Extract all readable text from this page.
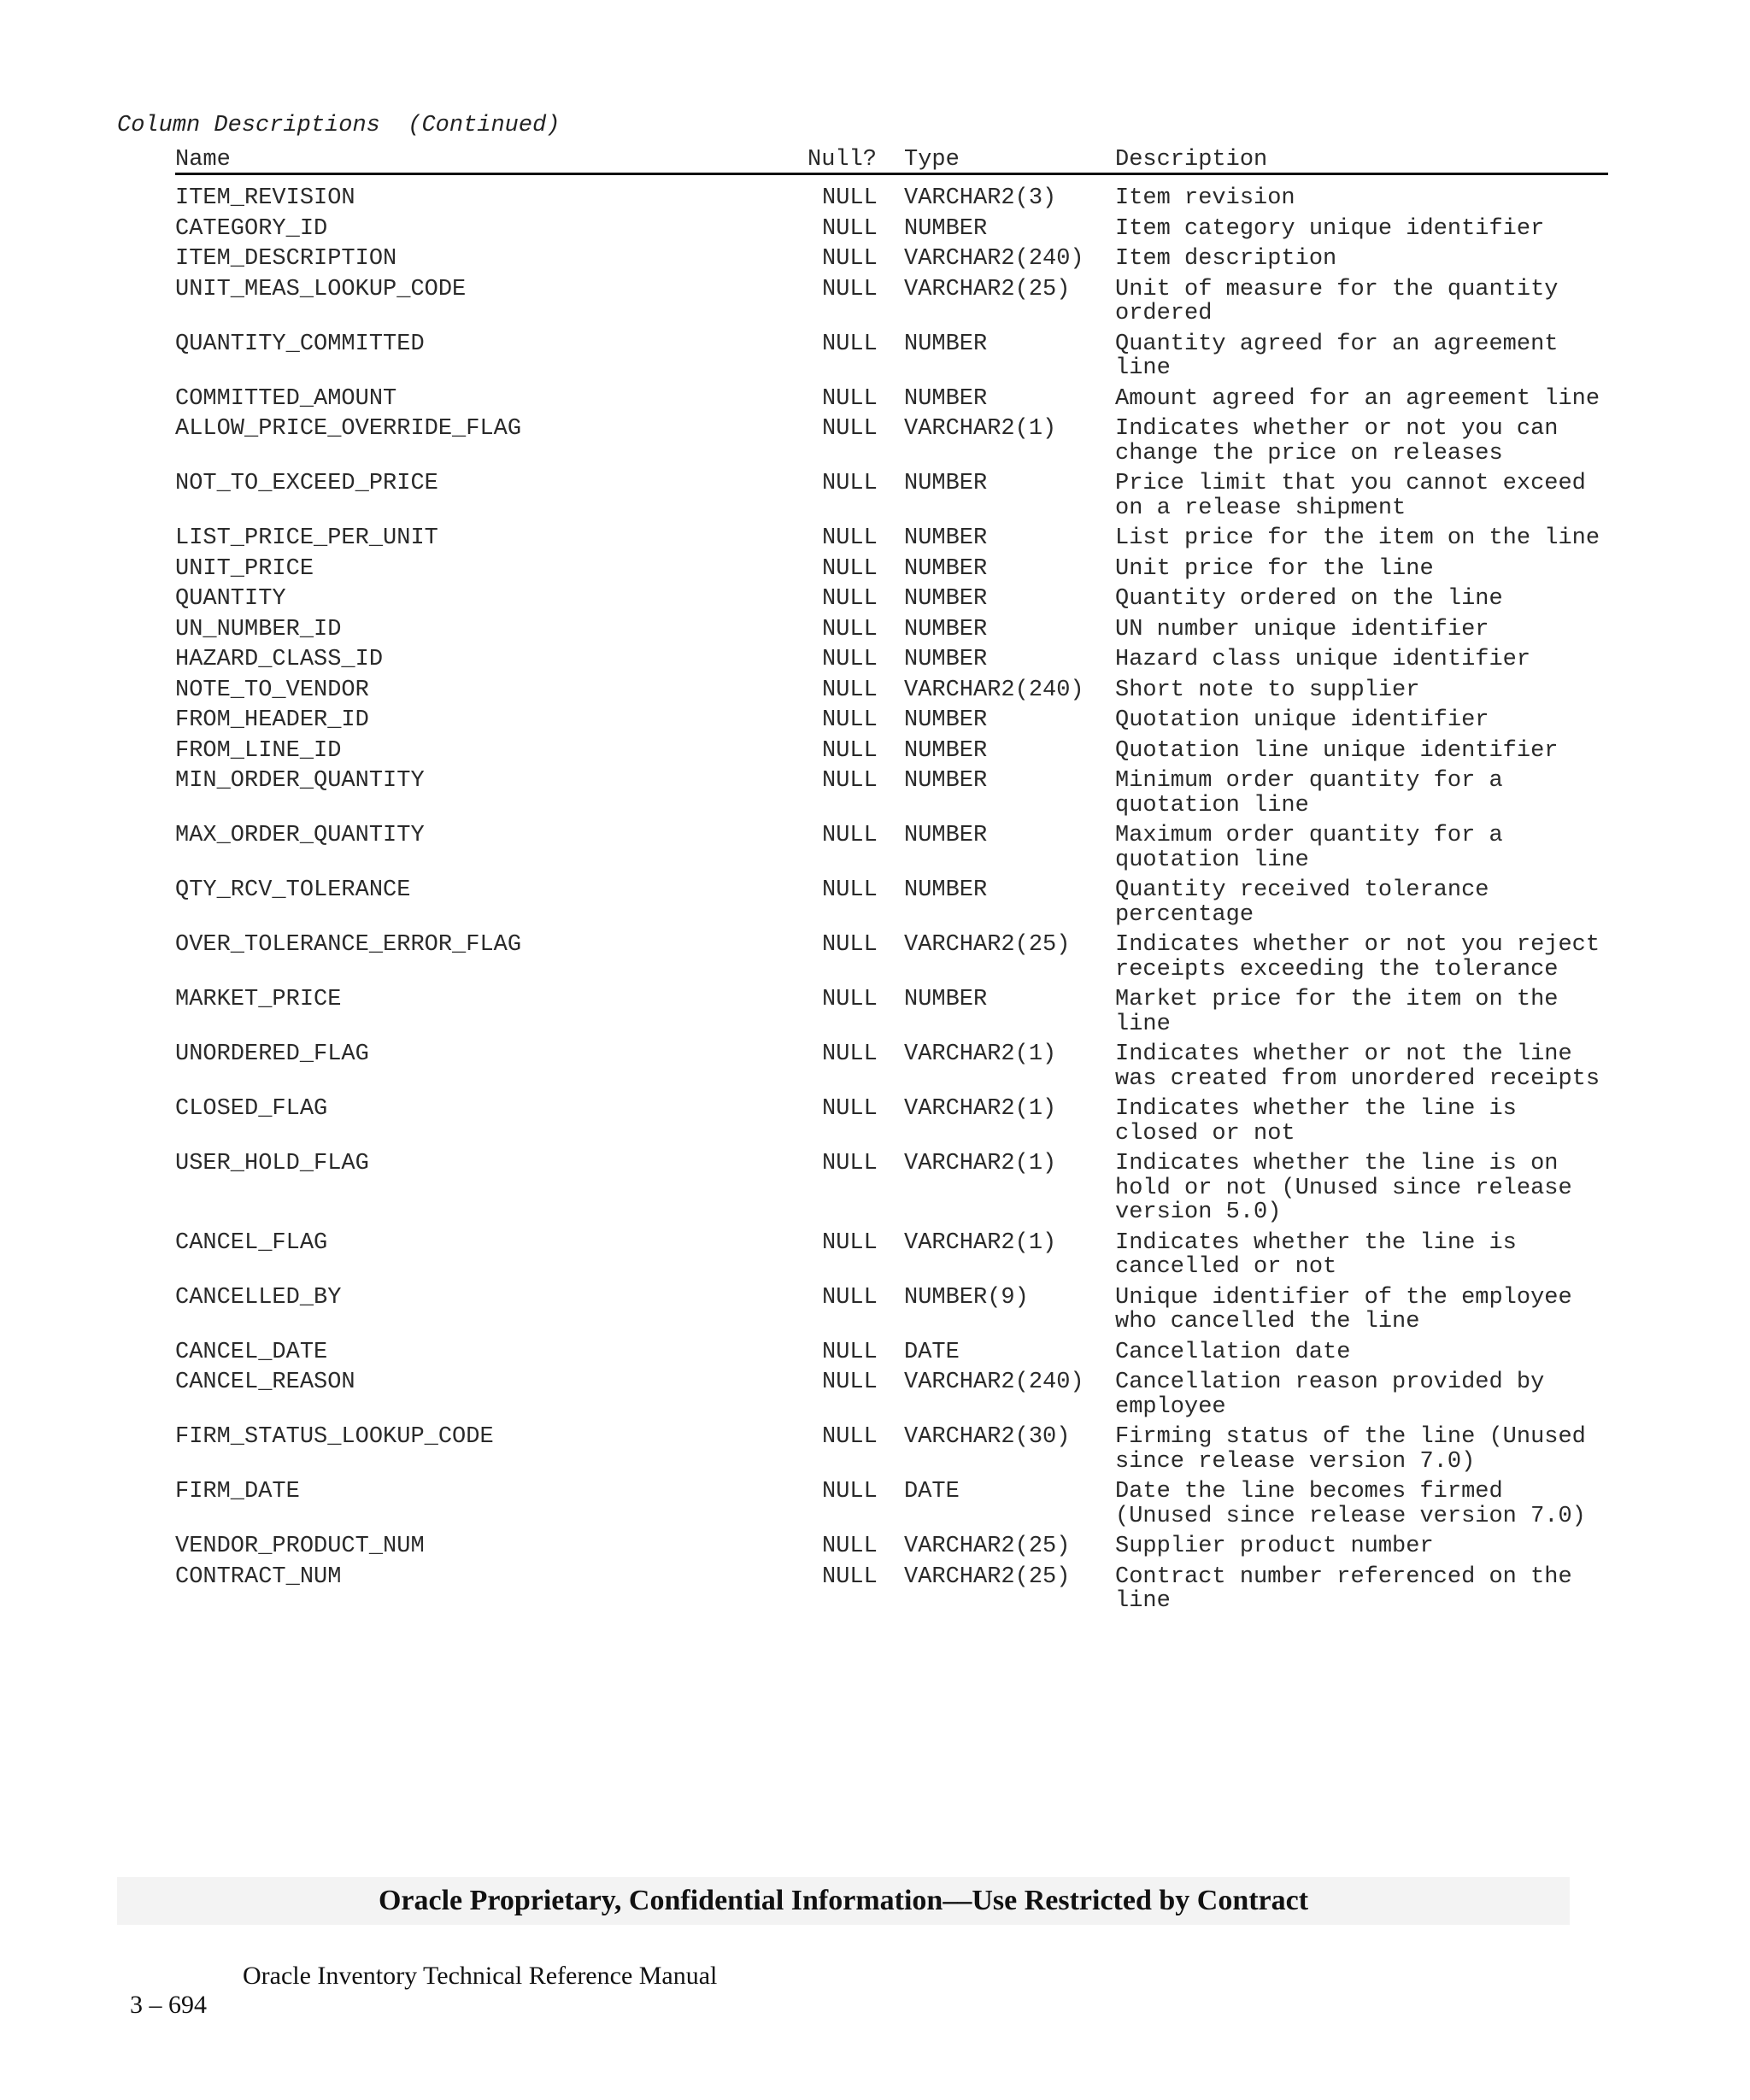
Column Descriptions  (Continued)
Name	Null? Type	Description
ITEM_REVISION	NULL VARCHAR2(3)	Item revision
CATEGORY_ID	NULL NUMBER	Item category unique identifier
ITEM_DESCRIPTION	NULL VARCHAR2(240) Item description
UNIT_MEAS_LOOKUP_CODE	NULL VARCHAR2(25) Unit of measure for the quantity ordered
QUANTITY_COMMITTED	NULL NUMBER	Quantity agreed for an agreement line
COMMITTED_AMOUNT	NULL NUMBER	Amount agreed for an agreement line
ALLOW_PRICE_OVERRIDE_FLAG	NULL VARCHAR2(1)	Indicates whether or not you can change the price on releases
NOT_TO_EXCEED_PRICE	NULL NUMBER	Price limit that you cannot exceed on a release shipment
LIST_PRICE_PER_UNIT	NULL NUMBER	List price for the item on the line
UNIT_PRICE	NULL NUMBER	Unit price for the line
QUANTITY	NULL NUMBER	Quantity ordered on the line
UN_NUMBER_ID	NULL NUMBER	UN number unique identifier
HAZARD_CLASS_ID	NULL NUMBER	Hazard class unique identifier
NOTE_TO_VENDOR	NULL VARCHAR2(240) Short note to supplier
FROM_HEADER_ID	NULL NUMBER	Quotation unique identifier
FROM_LINE_ID	NULL NUMBER	Quotation line unique identifier
MIN_ORDER_QUANTITY	NULL NUMBER	Minimum order quantity for a quotation line
MAX_ORDER_QUANTITY	NULL NUMBER	Maximum order quantity for a quotation line
QTY_RCV_TOLERANCE	NULL NUMBER	Quantity received tolerance percentage
OVER_TOLERANCE_ERROR_FLAG	NULL VARCHAR2(25) Indicates whether or not you reject receipts exceeding the tolerance
MARKET_PRICE	NULL NUMBER	Market price for the item on the line
UNORDERED_FLAG	NULL VARCHAR2(1)	Indicates whether or not the line was created from unordered receipts
CLOSED_FLAG	NULL VARCHAR2(1)	Indicates whether the line is closed or not
USER_HOLD_FLAG	NULL VARCHAR2(1)	Indicates whether the line is on hold or not (Unused since release version 5.0)
CANCEL_FLAG	NULL VARCHAR2(1)	Indicates whether the line is cancelled or not
CANCELLED_BY	NULL NUMBER(9)	Unique identifier of the employee who cancelled the line
CANCEL_DATE	NULL DATE	Cancellation date
CANCEL_REASON	NULL VARCHAR2(240) Cancellation reason provided by employee
FIRM_STATUS_LOOKUP_CODE	NULL VARCHAR2(30) Firming status of the line (Unused since release version 7.0)
FIRM_DATE	NULL DATE	Date the line becomes firmed (Unused since release version 7.0)
VENDOR_PRODUCT_NUM	NULL VARCHAR2(25) Supplier product number
CONTRACT_NUM	NULL VARCHAR2(25) Contract number referenced on the line
Oracle Proprietary, Confidential Information––Use Restricted by Contract

3 – 694

Oracle Inventory Technical Reference Manual
